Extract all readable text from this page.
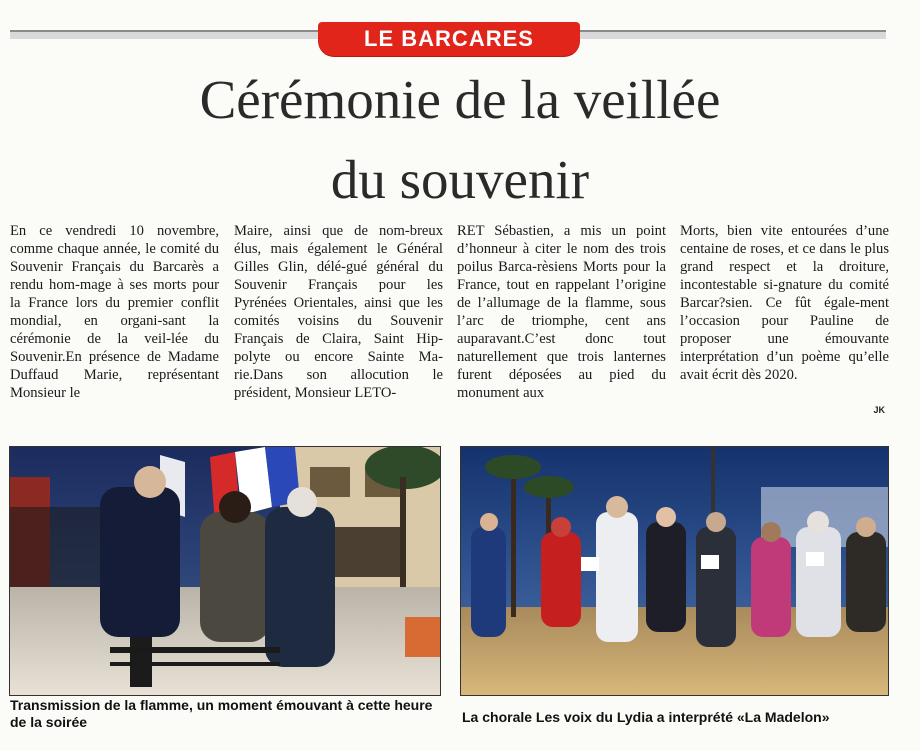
LE BARCARES
Cérémonie de la veillée
du souvenir

En ce vendredi 10 novembre, comme chaque année, le comité du Souvenir Français du Barcarès a rendu hom-mage à ses morts pour la France lors du premier conflit mondial, en organi-sant la cérémonie de la veil-lée du Souvenir.En présence de Madame Duffaud Marie, représentant Monsieur le

Maire, ainsi que de nom-breux élus, mais également le Général Gilles Glin, délé-gué général du Souvenir Français pour les Pyrénées Orientales, ainsi que les comités voisins du Souvenir Français de Claira, Saint Hip-polyte ou encore Sainte Ma-rie.Dans son allocution le président, Monsieur LETO-

RET Sébastien, a mis un point d’honneur à citer le nom des trois poilus Barca-rèsiens Morts pour la France, tout en rappelant l’origine de l’allumage de la flamme, sous l’arc de triomphe, cent ans auparavant.C’est donc tout naturellement que trois lanternes furent déposées au pied du monument aux

Morts, bien vite entourées d’une centaine de roses, et ce dans le plus grand respect et la droiture, incontestable si-gnature du comité Barcar?sien. Ce fût égale-ment l’occasion pour Pauline de proposer une émouvante interprétation d’un poème qu’elle avait écrit dès 2020.

JK

Transmission de la flamme, un moment émouvant à cette heure de la soirée	La chorale Les voix du Lydia a interprété «La Madelon»
